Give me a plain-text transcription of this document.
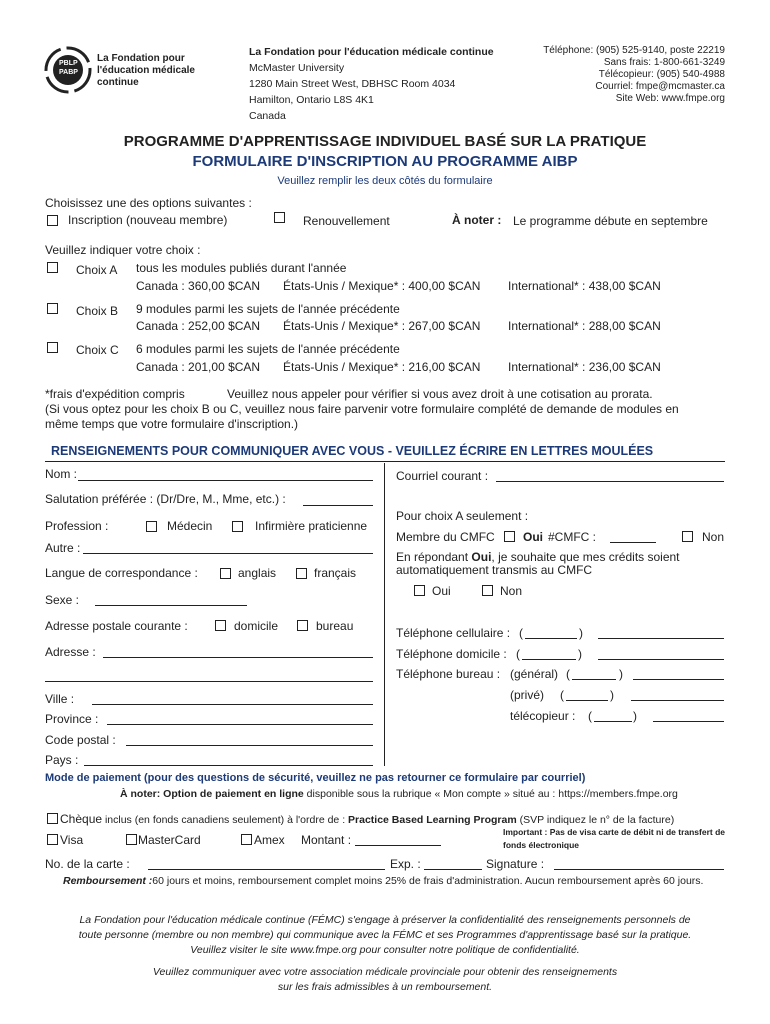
PBLP
PABP
La Fondation pour
l'éducation médicale
continue
La Fondation pour l'éducation médicale continue
McMaster University
1280 Main Street West, DBHSC Room 4034
Hamilton, Ontario L8S 4K1
Canada
Téléphone: (905) 525-9140, poste 22219
Sans frais: 1-800-661-3249
Télécopieur: (905) 540-4988
Courriel: fmpe@mcmaster.ca
Site Web: www.fmpe.org
PROGRAMME D'APPRENTISSAGE INDIVIDUEL BASÉ SUR LA PRATIQUE
FORMULAIRE D'INSCRIPTION AU PROGRAMME AIBP
Veuillez remplir les deux côtés du formulaire
Choisissez une des options suivantes :
Inscription (nouveau membre)	Renouvellement	À noter : Le programme débute en septembre
Veuillez indiquer votre choix :
Choix A tous les modules publiés durant l'année
Canada : 360,00 $CAN États-Unis / Mexique* : 400,00 $CAN International* : 438,00 $CAN
Choix B 9 modules parmi les sujets de l'année précédente
Canada : 252,00 $CAN États-Unis / Mexique* : 267,00 $CAN International* : 288,00 $CAN
Choix C 6 modules parmi les sujets de l'année précédente
Canada : 201,00 $CAN États-Unis / Mexique* : 216,00 $CAN International* : 236,00 $CAN
*frais d'expédition compris	Veuillez nous appeler pour vérifier si vous avez droit à une cotisation au prorata.
(Si vous optez pour les choix B ou C, veuillez nous faire parvenir votre formulaire complété de demande de modules en
même temps que votre formulaire d'inscription.)
RENSEIGNEMENTS POUR COMMUNIQUER AVEC VOUS - VEUILLEZ ÉCRIRE EN LETTRES MOULÉES
Nom :
Salutation préférée : (Dr/Dre, M., Mme, etc.) :
Profession :	Médecin	Infirmière praticienne
Autre :
Langue de correspondance :	anglais	français
Sexe :
Adresse postale courante :	domicile	bureau
Adresse :
Ville :
Province :
Code postal :
Pays :
Courriel courant :
Pour choix A seulement :
Membre du CMFC Oui #CMFC :	Non
En répondant Oui, je souhaite que mes crédits soient
automatiquement transmis au CMFC
Oui	Non
Téléphone cellulaire : (	)
Téléphone domicile : (	)
Téléphone bureau : (général) (	)
(privé) (	)
télécopieur : (	)
Mode de paiement (pour des questions de sécurité, veuillez ne pas retourner ce formulaire par courriel)
À noter: Option de paiement en ligne disponible sous la rubrique « Mon compte » situé au : https://members.fmpe.org
Chèque inclus (en fonds canadiens seulement) à l'ordre de : Practice Based Learning Program (SVP indiquez le n° de la facture)
Visa	MasterCard	Amex Montant :
Important : Pas de visa carte de débit ni de transfert de
fonds électronique
No. de la carte :	Exp. :	Signature :
Remboursement :60 jours et moins, remboursement complet moins 25% de frais d'administration. Aucun remboursement après 60 jours.
La Fondation pour l'éducation médicale continue (FÉMC) s'engage à préserver la confidentialité des renseignements personnels de
toute personne (membre ou non membre) qui communique avec la FÉMC et ses Programmes d'apprentissage basé sur la pratique.
Veuillez visiter le site www.fmpe.org pour consulter notre politique de confidentialité.
Veuillez communiquer avec votre association médicale provinciale pour obtenir des renseignements
sur les frais admissibles à un remboursement.
